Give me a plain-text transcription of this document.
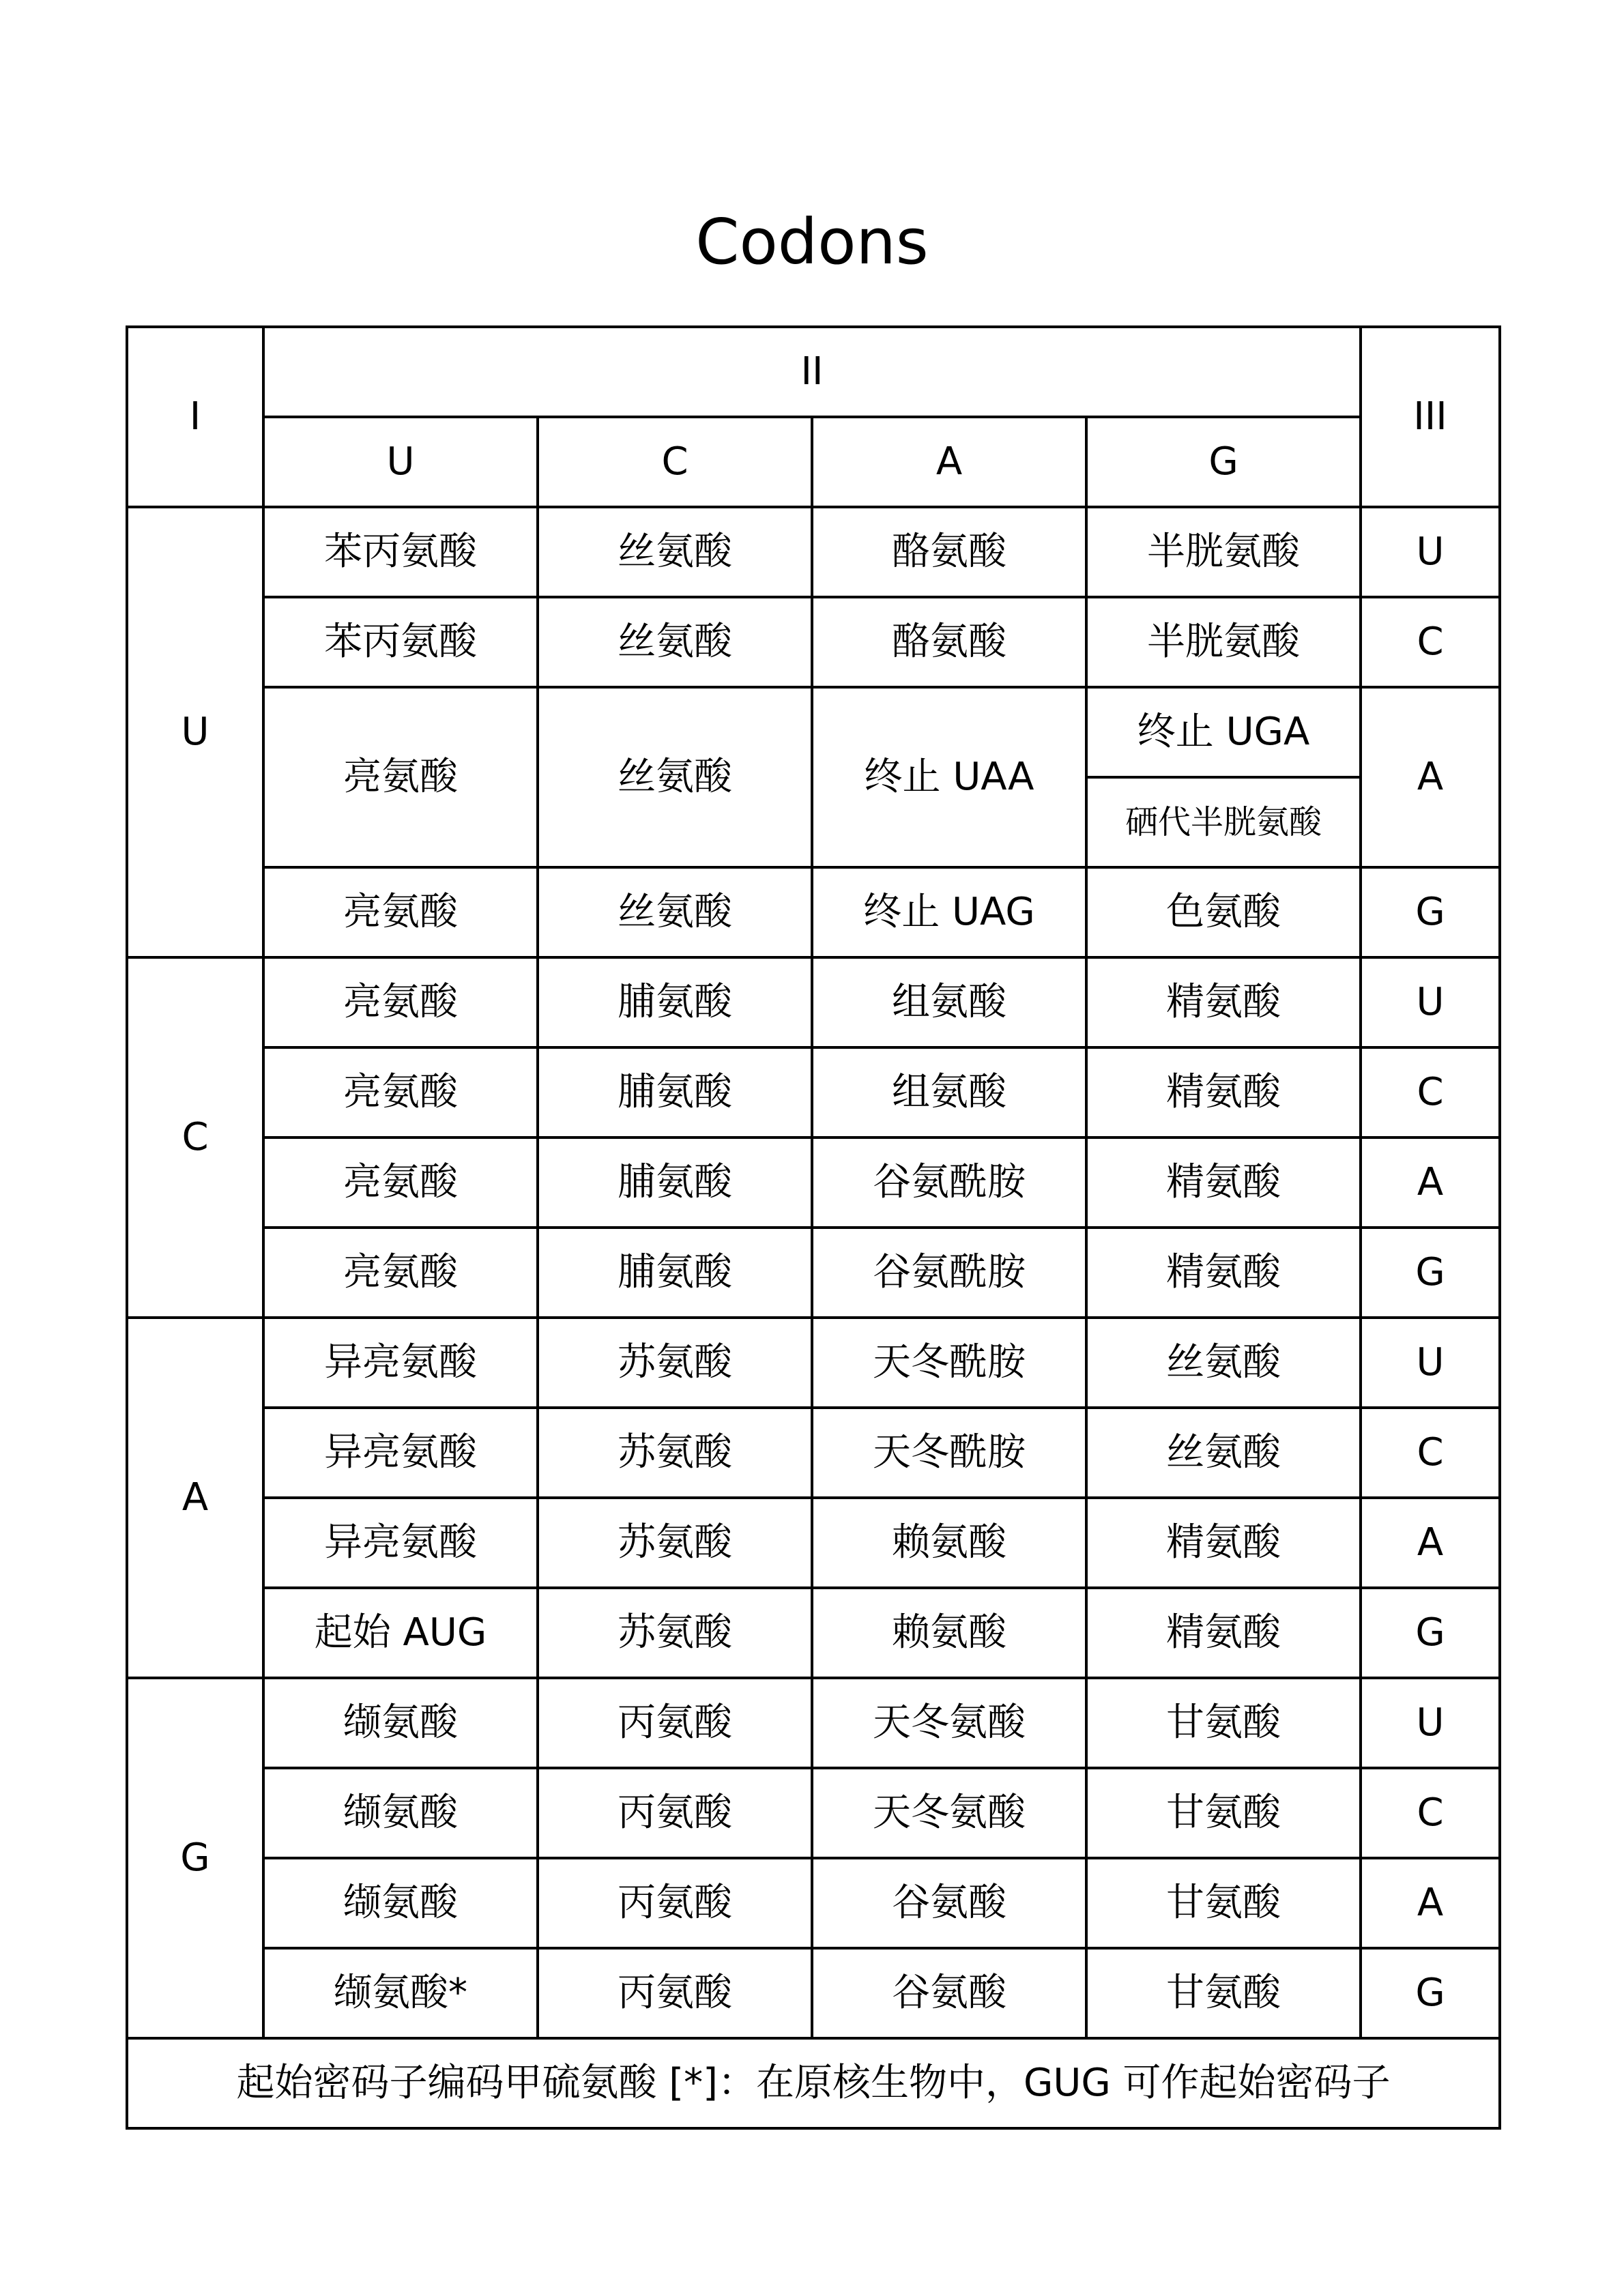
Codons
I	II				III
	U	C	A	G	
U	苯丙氨酸	丝氨酸	酪氨酸	半胱氨酸	U
	苯丙氨酸	丝氨酸	酪氨酸	半胱氨酸	C
	亮氨酸	丝氨酸	终止 UAA	终止 UGA	A
				硒代半胱氨酸	
	亮氨酸	丝氨酸	终止 UAG	色氨酸	G
C	亮氨酸	脯氨酸	组氨酸	精氨酸	U
	亮氨酸	脯氨酸	组氨酸	精氨酸	C
	亮氨酸	脯氨酸	谷氨酰胺	精氨酸	A
	亮氨酸	脯氨酸	谷氨酰胺	精氨酸	G
A	异亮氨酸	苏氨酸	天冬酰胺	丝氨酸	U
	异亮氨酸	苏氨酸	天冬酰胺	丝氨酸	C
	异亮氨酸	苏氨酸	赖氨酸	精氨酸	A
	起始 AUG	苏氨酸	赖氨酸	精氨酸	G
G	缬氨酸	丙氨酸	天冬氨酸	甘氨酸	U
	缬氨酸	丙氨酸	天冬氨酸	甘氨酸	C
	缬氨酸	丙氨酸	谷氨酸	甘氨酸	A
	缬氨酸*	丙氨酸	谷氨酸	甘氨酸	G
起始密码子编码甲硫氨酸 [*]：在原核生物中，GUG 可作起始密码子					
